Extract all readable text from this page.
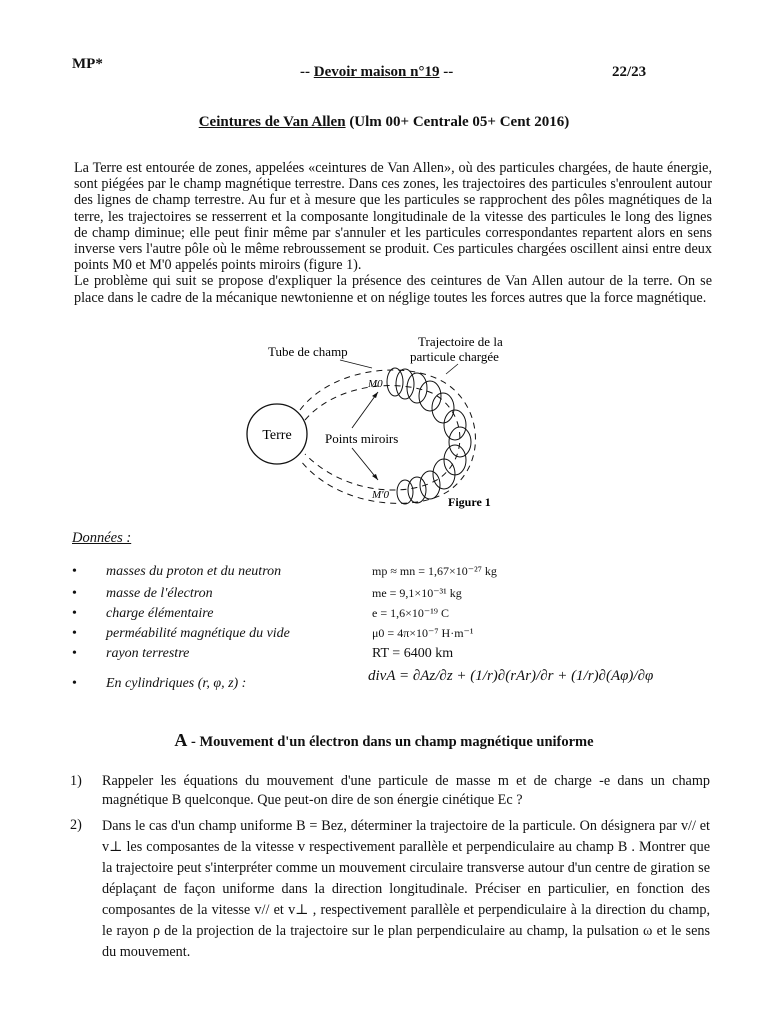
MP*	-- Devoir maison n°19 --	22/23
Ceintures de Van Allen (Ulm 00+ Centrale 05+ Cent 2016)

La Terre est entourée de zones, appelées «ceintures de Van Allen», où des particules chargées, de haute énergie, sont piégées par le champ magnétique terrestre. Dans ces zones, les trajectoires des particules s'enroulent autour des lignes de champ terrestre. Au fur et à mesure que les particules se rapprochent des pôles magnétiques de la terre, les trajectoires se resserrent et la composante longitudinale de la vitesse des particules le long des lignes de champ diminue; elle peut finir même par s'annuler et les particules correspondantes repartent alors en sens inverse vers l'autre pôle où le même rebroussement se produit. Ces particules chargées oscillent ainsi entre deux points M0 et M'0 appelés points miroirs (figure 1).

Le problème qui suit se propose d'expliquer la présence des ceintures de Van Allen autour de la terre. On se place dans le cadre de la mécanique newtonienne et on néglige toutes les forces autres que la force magnétique.

Terre
Tube de champ
Trajectoire de la
particule chargée
M0
M'0
Points miroirs
Figure 1
Données :
• masses du proton et du neutron	mp ≈ mn = 1,67×10⁻²⁷ kg
• masse de l'électron	me = 9,1×10⁻³¹ kg
• charge élémentaire	e = 1,6×10⁻¹⁹ C
• perméabilité magnétique du vide	μ0 = 4π×10⁻⁷ H·m⁻¹
• rayon terrestre	RT = 6400 km
• En cylindriques (r, φ, z) :	divA = ∂Az/∂z + (1/r)∂(rAr)/∂r + (1/r)∂(Aφ)/∂φ
A - Mouvement d'un électron dans un champ magnétique uniforme
1) Rappeler les équations du mouvement d'une particule de masse m et de charge -e dans un champ magnétique B quelconque. Que peut-on dire de son énergie cinétique Ec ?
2) Dans le cas d'un champ uniforme B = Bez, déterminer la trajectoire de la particule. On désignera par v// et v⊥ les composantes de la vitesse v respectivement parallèle et perpendiculaire au champ B . Montrer que la trajectoire peut s'interpréter comme un mouvement circulaire transverse autour d'un centre de giration se déplaçant de façon uniforme dans la direction longitudinale. Préciser en particulier, en fonction des composantes de la vitesse v// et v⊥ , respectivement parallèle et perpendiculaire à la direction du champ, le rayon ρ de la projection de la trajectoire sur le plan perpendiculaire au champ, la pulsation ω et le sens du mouvement.
